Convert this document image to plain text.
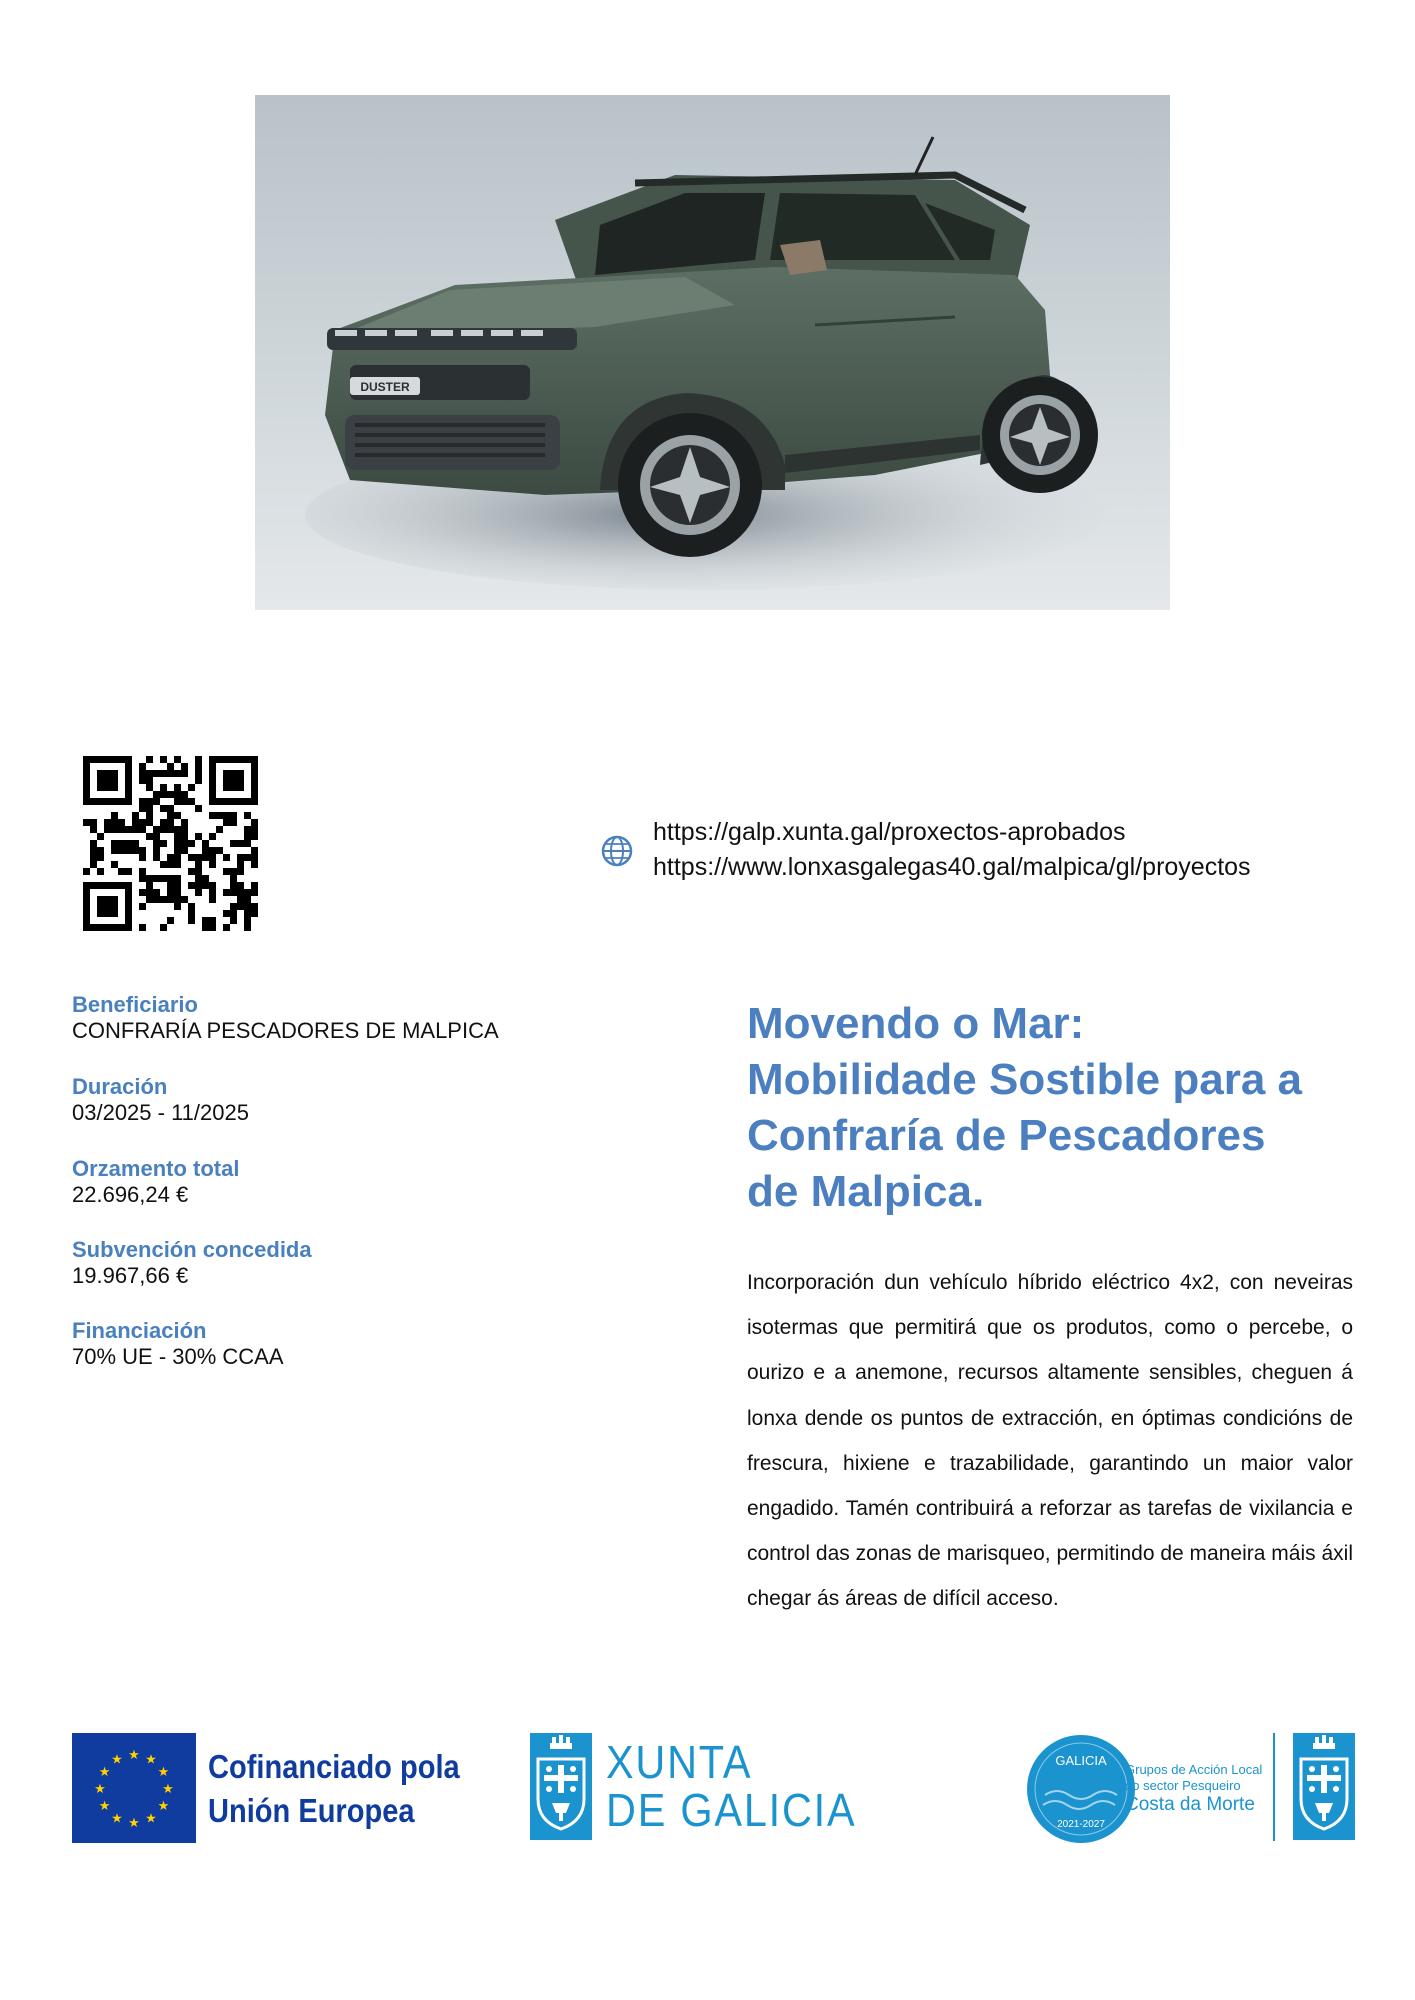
DUSTER
https://galp.xunta.gal/proxectos-aprobados
https://www.lonxasgalegas40.gal/malpica/gl/proyectos
Beneficiario
CONFRARÍA PESCADORES DE MALPICA
Duración
03/2025 - 11/2025
Orzamento total
22.696,24 €
Subvención concedida
19.967,66 €
Financiación
70% UE - 30% CCAA
Movendo o Mar:
Mobilidade Sostible para a
Confraría de Pescadores
de Malpica.
Incorporación dun vehículo híbrido eléctrico 4x2, con neveiras isotermas que permitirá que os produtos, como o percebe, o ourizo e a anemone, recursos altamente sensibles, cheguen á lonxa dende os puntos de extracción, en óptimas condicións de frescura, hixiene e trazabilidade, garantindo un maior valor engadido. Tamén contribuirá a reforzar as tarefas de vixilancia e control das zonas de marisqueo, permitindo de maneira máis áxil chegar ás áreas de difícil acceso.
★ ★
★
★
★
★
★
★
★
★
★
★	Cofinanciado pola
Unión Europea
XUNTA
DE GALICIA
GALICIA
2021-2027
Grupos de Acción Local
do sector Pesqueiro
Costa da Morte
